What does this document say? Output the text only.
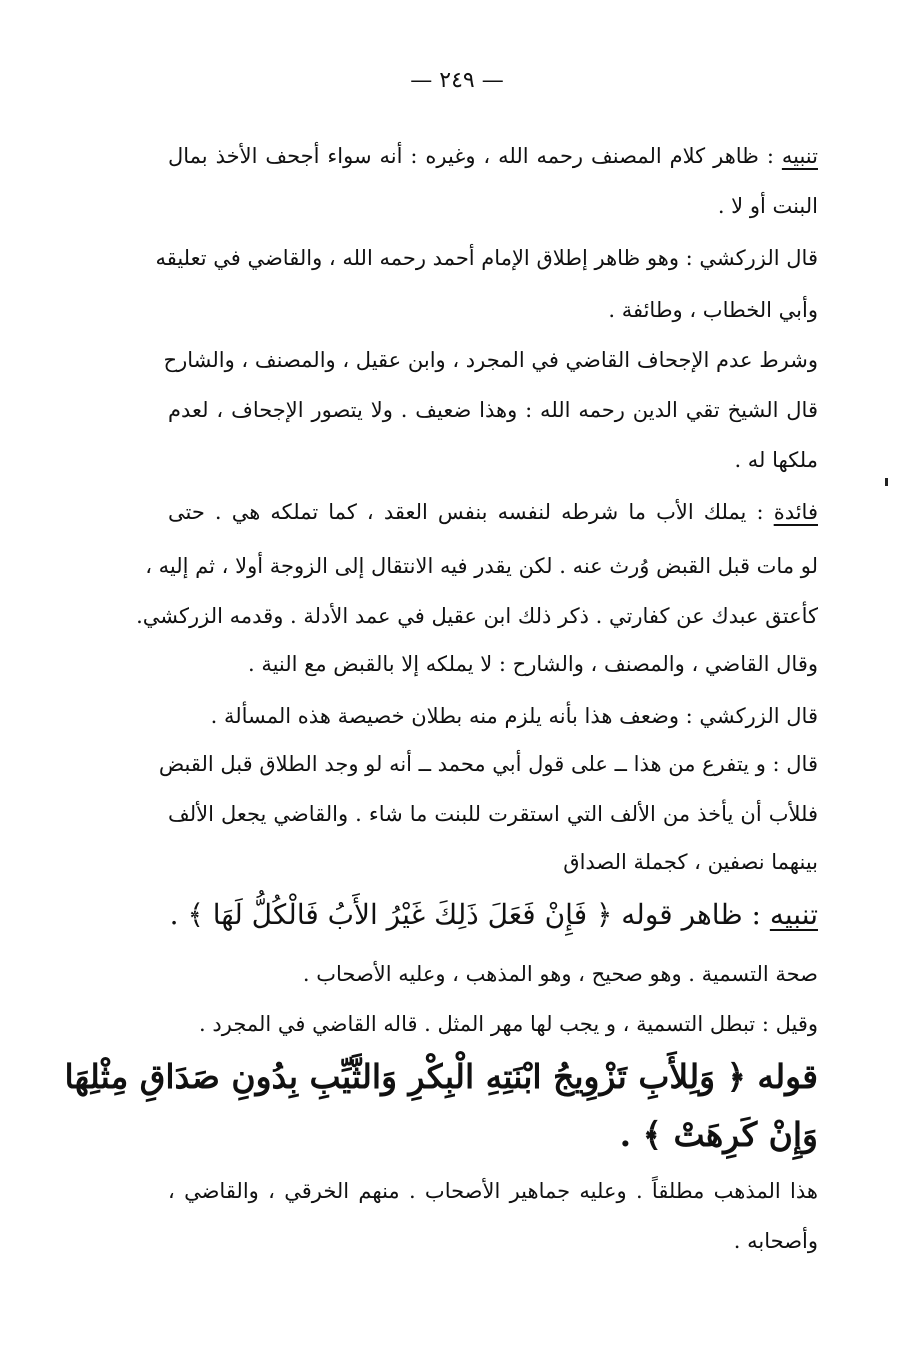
— ٢٤٩ —
تنبيه : ظاهر كلام المصنف رحمه الله ، وغيره : أنه سواء أجحف الأخذ بمال
البنت أو لا .
قال الزركشي : وهو ظاهر إطلاق الإمام أحمد رحمه الله ، والقاضي في تعليقه
وأبي الخطاب ، وطائفة .
وشرط عدم الإجحاف القاضي في المجرد ، وابن عقيل ، والمصنف ، والشارح
قال الشيخ تقي الدين رحمه الله : وهذا ضعيف . ولا يتصور الإجحاف ، لعدم
ملكها له .
فائدة : يملك الأب ما شرطه لنفسه بنفس العقد ، كما تملكه هي . حتى
لو مات قبل القبض وُرث عنه . لكن يقدر فيه الانتقال إلى الزوجة أولا ، ثم إليه ،
كأعتق عبدك عن كفارتي . ذكر ذلك ابن عقيل في عمد الأدلة . وقدمه الزركشي.
وقال القاضي ، والمصنف ، والشارح : لا يملكه إلا بالقبض مع النية .
قال الزركشي : وضعف هذا بأنه يلزم منه بطلان خصيصة هذه المسألة .
قال : و يتفرع من هذا ــ على قول أبي محمد ــ أنه لو وجد الطلاق قبل القبض
فللأب أن يأخذ من الألف التي استقرت للبنت ما شاء . والقاضي يجعل الألف
بينهما نصفين ، كجملة الصداق
تنبيه : ظاهر قوله ﴿ فَإِنْ فَعَلَ ذَلِكَ غَيْرُ الأَبُ فَالْكُلُّ لَهَا ﴾ .
صحة التسمية . وهو صحيح ، وهو المذهب ، وعليه الأصحاب .
وقيل : تبطل التسمية ، و يجب لها مهر المثل . قاله القاضي في المجرد .
قوله ﴿ وَلِلأَبِ تَزْوِيجُ ابْنَتِهِ الْبِكْرِ وَالثَّيِّبِ بِدُونِ صَدَاقِ مِثْلِهَا
وَإِنْ كَرِهَتْ ﴾ .
هذا المذهب مطلقاً . وعليه جماهير الأصحاب . منهم الخرقي ، والقاضي ،
وأصحابه .
